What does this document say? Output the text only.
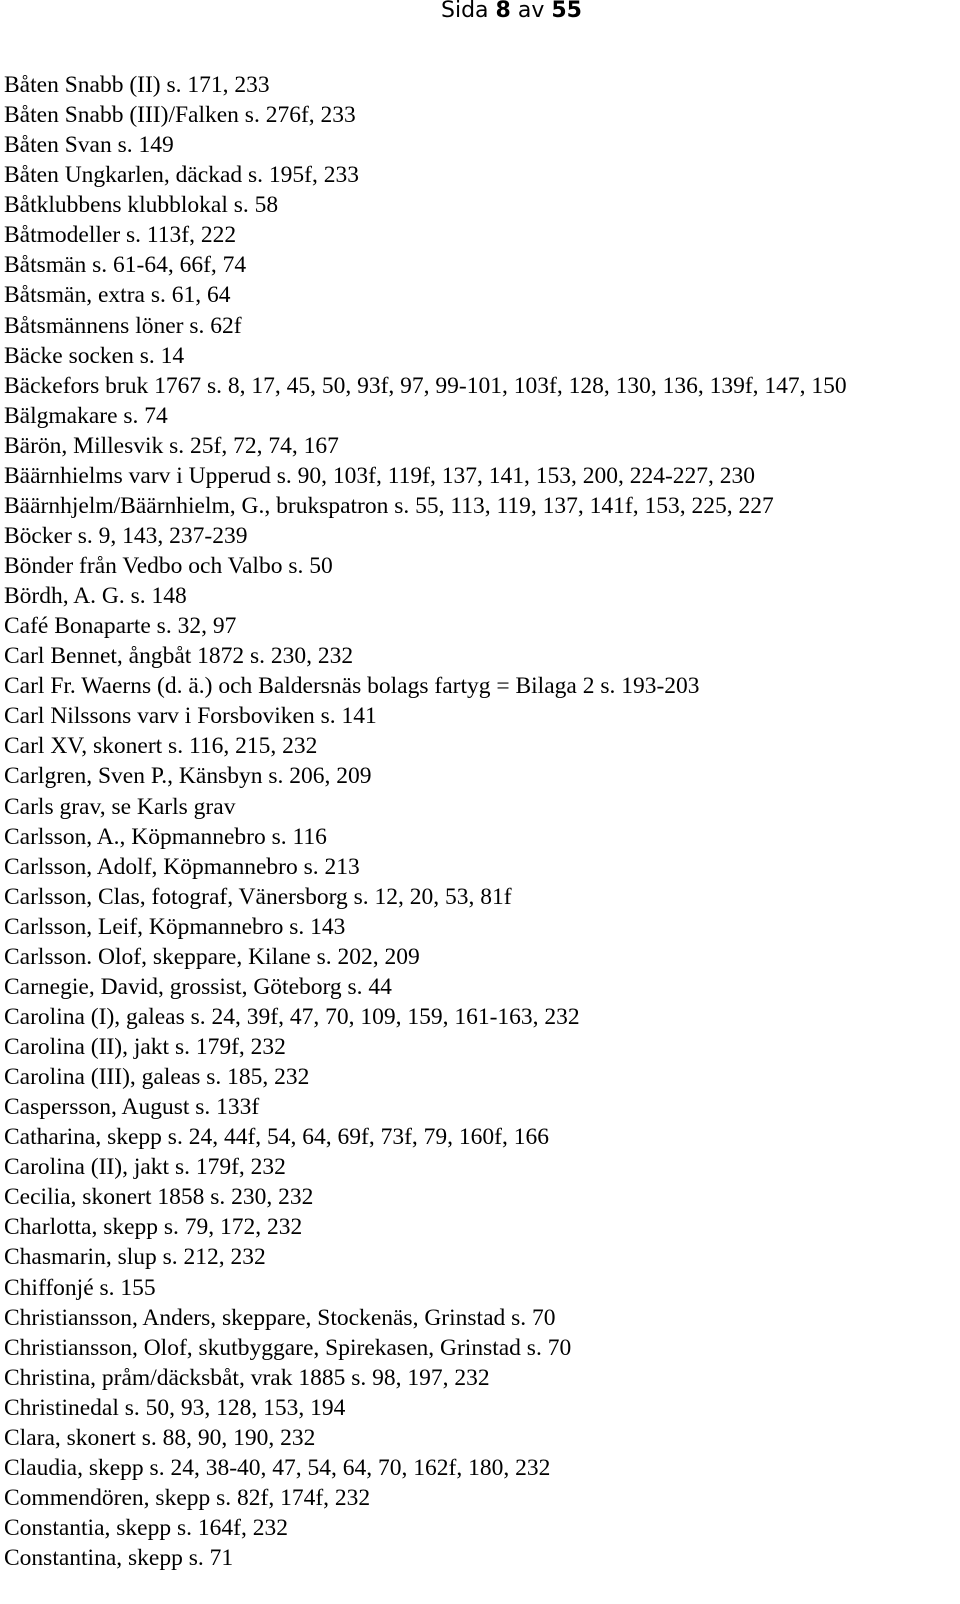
Sida 8 av 55
Båten Snabb (II) s. 171, 233
Båten Snabb (III)/Falken s. 276f, 233
Båten Svan s. 149
Båten Ungkarlen, däckad s. 195f, 233
Båtklubbens klubblokal s. 58
Båtmodeller s. 113f, 222
Båtsmän s. 61-64, 66f, 74
Båtsmän, extra s. 61, 64
Båtsmännens löner s. 62f
Bäcke socken s. 14
Bäckefors bruk 1767 s. 8, 17, 45, 50, 93f, 97, 99-101, 103f, 128, 130, 136, 139f, 147, 150
Bälgmakare s. 74
Bärön, Millesvik s. 25f, 72, 74, 167
Bäärnhielms varv i Upperud s. 90, 103f, 119f, 137, 141, 153, 200, 224-227, 230
Bäärnhjelm/Bäärnhielm, G., brukspatron s. 55, 113, 119, 137, 141f, 153, 225, 227
Böcker s. 9, 143, 237-239
Bönder från Vedbo och Valbo s. 50
Bördh, A. G. s. 148
Café Bonaparte s. 32, 97
Carl Bennet, ångbåt 1872 s. 230, 232
Carl Fr. Waerns (d. ä.) och Baldersnäs bolags fartyg = Bilaga 2 s. 193-203
Carl Nilssons varv i Forsboviken s. 141
Carl XV, skonert s. 116, 215, 232
Carlgren, Sven P., Känsbyn s. 206, 209
Carls grav, se Karls grav
Carlsson, A., Köpmannebro s. 116
Carlsson, Adolf, Köpmannebro s. 213
Carlsson, Clas, fotograf, Vänersborg s. 12, 20, 53, 81f
Carlsson, Leif, Köpmannebro s. 143
Carlsson. Olof, skeppare, Kilane s. 202, 209
Carnegie, David, grossist, Göteborg s. 44
Carolina (I), galeas s. 24, 39f, 47, 70, 109, 159, 161-163, 232
Carolina (II), jakt s. 179f, 232
Carolina (III), galeas s. 185, 232
Caspersson, August s. 133f
Catharina, skepp s. 24, 44f, 54, 64, 69f, 73f, 79, 160f, 166
Carolina (II), jakt s. 179f, 232
Cecilia, skonert 1858 s. 230, 232
Charlotta, skepp s. 79, 172, 232
Chasmarin, slup s. 212, 232
Chiffonjé s. 155
Christiansson, Anders, skeppare, Stockenäs, Grinstad s. 70
Christiansson, Olof, skutbyggare, Spirekasen, Grinstad s. 70
Christina, pråm/däcksbåt, vrak 1885 s. 98, 197, 232
Christinedal s. 50, 93, 128, 153, 194
Clara, skonert s. 88, 90, 190, 232
Claudia, skepp s. 24, 38-40, 47, 54, 64, 70, 162f, 180, 232
Commendören, skepp s. 82f, 174f, 232
Constantia, skepp s. 164f, 232
Constantina, skepp s. 71
